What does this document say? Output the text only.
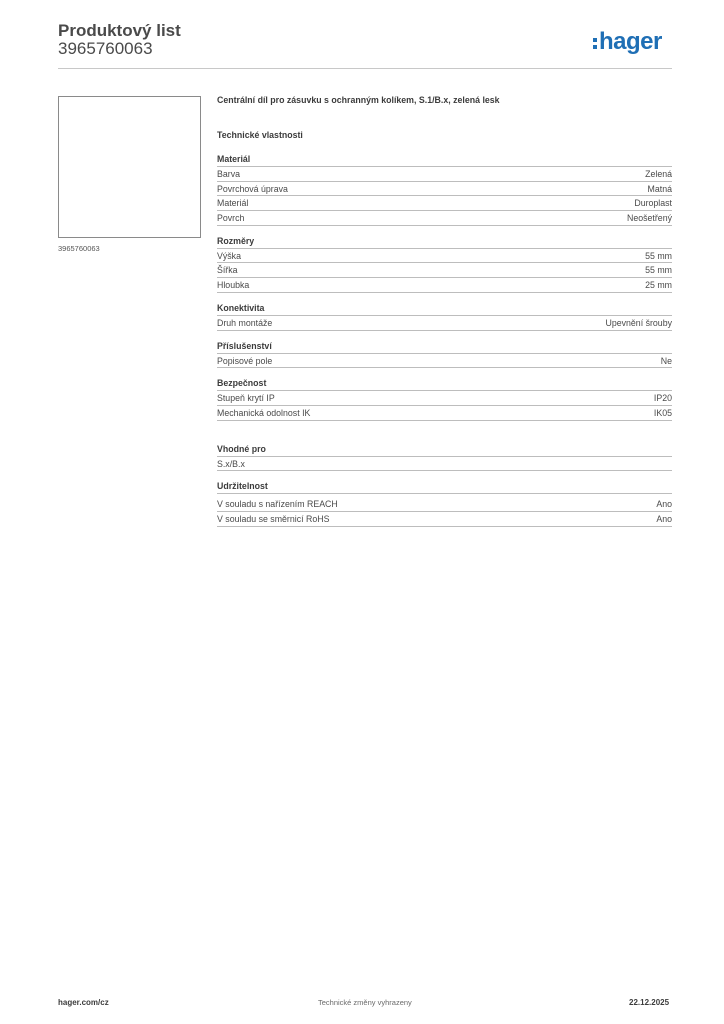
Produktový list
3965760063	hager
3965760063
Centrální díl pro zásuvku s ochranným kolíkem, S.1/B.x, zelená lesk
Technické vlastnosti
Materiál
Barva	Zelená
Povrchová úprava	Matná
Materiál	Duroplast
Povrch	Neošetřený
Rozměry
Výška	55 mm
Šířka	55 mm
Hloubka	25 mm
Konektivita
Druh montáže	Upevnění šrouby
Příslušenství
Popisové pole	Ne
Bezpečnost
Stupeň krytí IP	IP20
Mechanická odolnost IK	IK05
Vhodné pro
S.x/B.x
Udržitelnost
V souladu s nařízením REACH	Ano
V souladu se směrnicí RoHS	Ano
hager.com/cz	Technické změny vyhrazeny	22.12.2025
